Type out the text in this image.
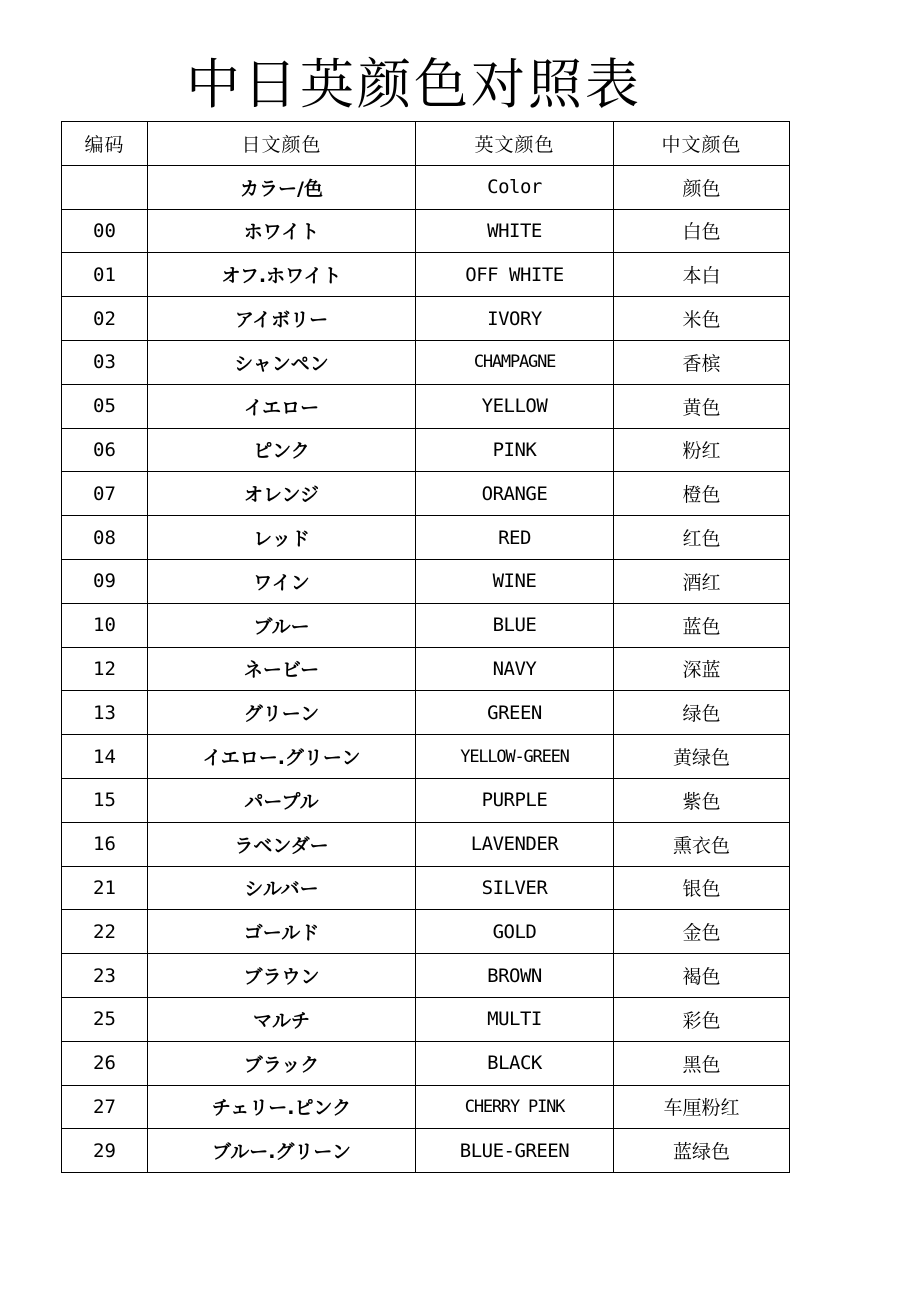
中日英颜色对照表
编码	日文颜色	英文颜色	中文颜色
	カラー/色	Color	颜色
00	ホワイト	WHITE	白色
01	オフ.ホワイト	OFF WHITE	本白
02	アイボリー	IVORY	米色
03	シャンペン	CHAMPAGNE	香槟
05	イエロー	YELLOW	黄色
06	ピンク	PINK	粉红
07	オレンジ	ORANGE	橙色
08	レッド	RED	红色
09	ワイン	WINE	酒红
10	ブルー	BLUE	蓝色
12	ネービー	NAVY	深蓝
13	グリーン	GREEN	绿色
14	イエロー.グリーン	YELLOW-GREEN	黄绿色
15	パープル	PURPLE	紫色
16	ラベンダー	LAVENDER	熏衣色
21	シルバー	SILVER	银色
22	ゴールド	GOLD	金色
23	ブラウン	BROWN	褐色
25	マルチ	MULTI	彩色
26	ブラック	BLACK	黑色
27	チェリー.ピンク	CHERRY PINK	车厘粉红
29	ブルー.グリーン	BLUE-GREEN	蓝绿色
